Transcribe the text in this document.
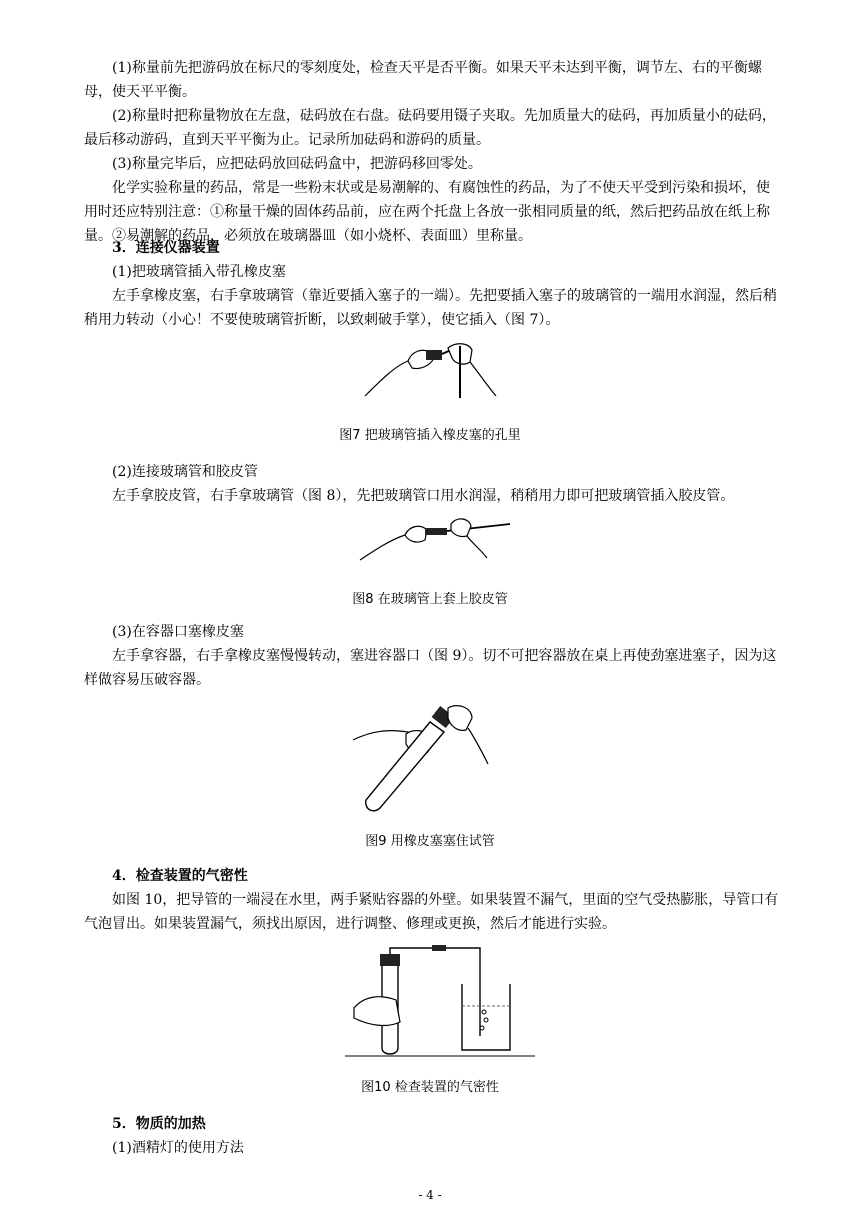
(1)称量前先把游码放在标尺的零刻度处，检查天平是否平衡。如果天平未达到平衡，调节左、右的平衡螺母，使天平平衡。
(2)称量时把称量物放在左盘，砝码放在右盘。砝码要用镊子夹取。先加质量大的砝码，再加质量小的砝码，最后移动游码，直到天平平衡为止。记录所加砝码和游码的质量。
(3)称量完毕后，应把砝码放回砝码盒中，把游码移回零处。
化学实验称量的药品，常是一些粉末状或是易潮解的、有腐蚀性的药品，为了不使天平受到污染和损坏，使用时还应特别注意：①称量干燥的固体药品前，应在两个托盘上各放一张相同质量的纸，然后把药品放在纸上称量。②易潮解的药品，必须放在玻璃器皿（如小烧杯、表面皿）里称量。
3．连接仪器装置
(1)把玻璃管插入带孔橡皮塞
左手拿橡皮塞，右手拿玻璃管（靠近要插入塞子的一端）。先把要插入塞子的玻璃管的一端用水润湿，然后稍稍用力转动（小心！不要使玻璃管折断，以致刺破手掌），使它插入（图 7）。
图7 把玻璃管插入橡皮塞的孔里
(2)连接玻璃管和胶皮管
左手拿胶皮管，右手拿玻璃管（图 8），先把玻璃管口用水润湿，稍稍用力即可把玻璃管插入胶皮管。
图8 在玻璃管上套上胶皮管
(3)在容器口塞橡皮塞
左手拿容器，右手拿橡皮塞慢慢转动，塞进容器口（图 9）。切不可把容器放在桌上再使劲塞进塞子，因为这样做容易压破容器。
图9 用橡皮塞塞住试管
4．检查装置的气密性
如图 10，把导管的一端浸在水里，两手紧贴容器的外壁。如果装置不漏气，里面的空气受热膨胀，导管口有气泡冒出。如果装置漏气，须找出原因，进行调整、修理或更换，然后才能进行实验。
图10 检查装置的气密性
5．物质的加热
(1)酒精灯的使用方法
- 4 -
